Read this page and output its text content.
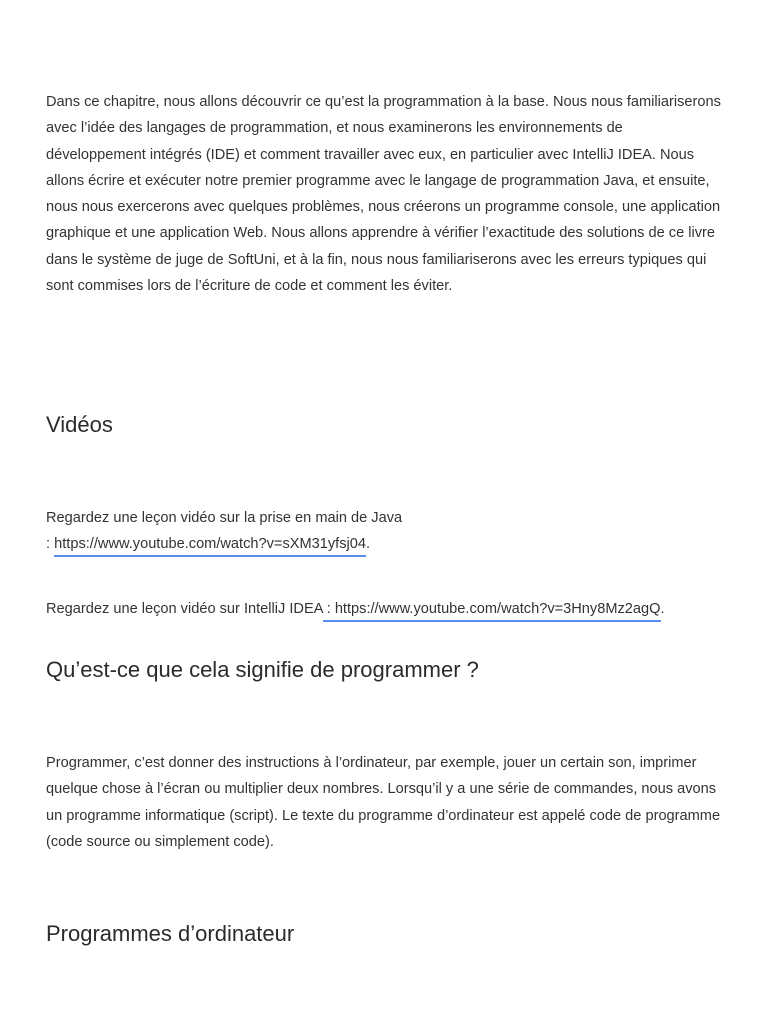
Dans ce chapitre, nous allons découvrir ce qu’est la programmation à la base. Nous nous familiariserons avec l’idée des langages de programmation, et nous examinerons les environnements de développement intégrés (IDE) et comment travailler avec eux, en particulier avec IntelliJ IDEA. Nous allons écrire et exécuter notre premier programme avec le langage de programmation Java, et ensuite, nous nous exercerons avec quelques problèmes, nous créerons un programme console, une application graphique et une application Web. Nous allons apprendre à vérifier l’exactitude des solutions de ce livre dans le système de juge de SoftUni, et à la fin, nous nous familiariserons avec les erreurs typiques qui sont commises lors de l’écriture de code et comment les éviter.

Vidéos

Regardez une leçon vidéo sur la prise en main de Java
: https://www.youtube.com/watch?v=sXM31yfsj04.

Regardez une leçon vidéo sur IntelliJ IDEA : https://www.youtube.com/watch?v=3Hny8Mz2agQ.

Qu’est-ce que cela signifie de programmer ?

Programmer, c’est donner des instructions à l’ordinateur, par exemple, jouer un certain son, imprimer quelque chose à l’écran ou multiplier deux nombres. Lorsqu’il y a une série de commandes, nous avons un programme informatique (script). Le texte du programme d’ordinateur est appelé code de programme (code source ou simplement code).

Programmes d’ordinateur
